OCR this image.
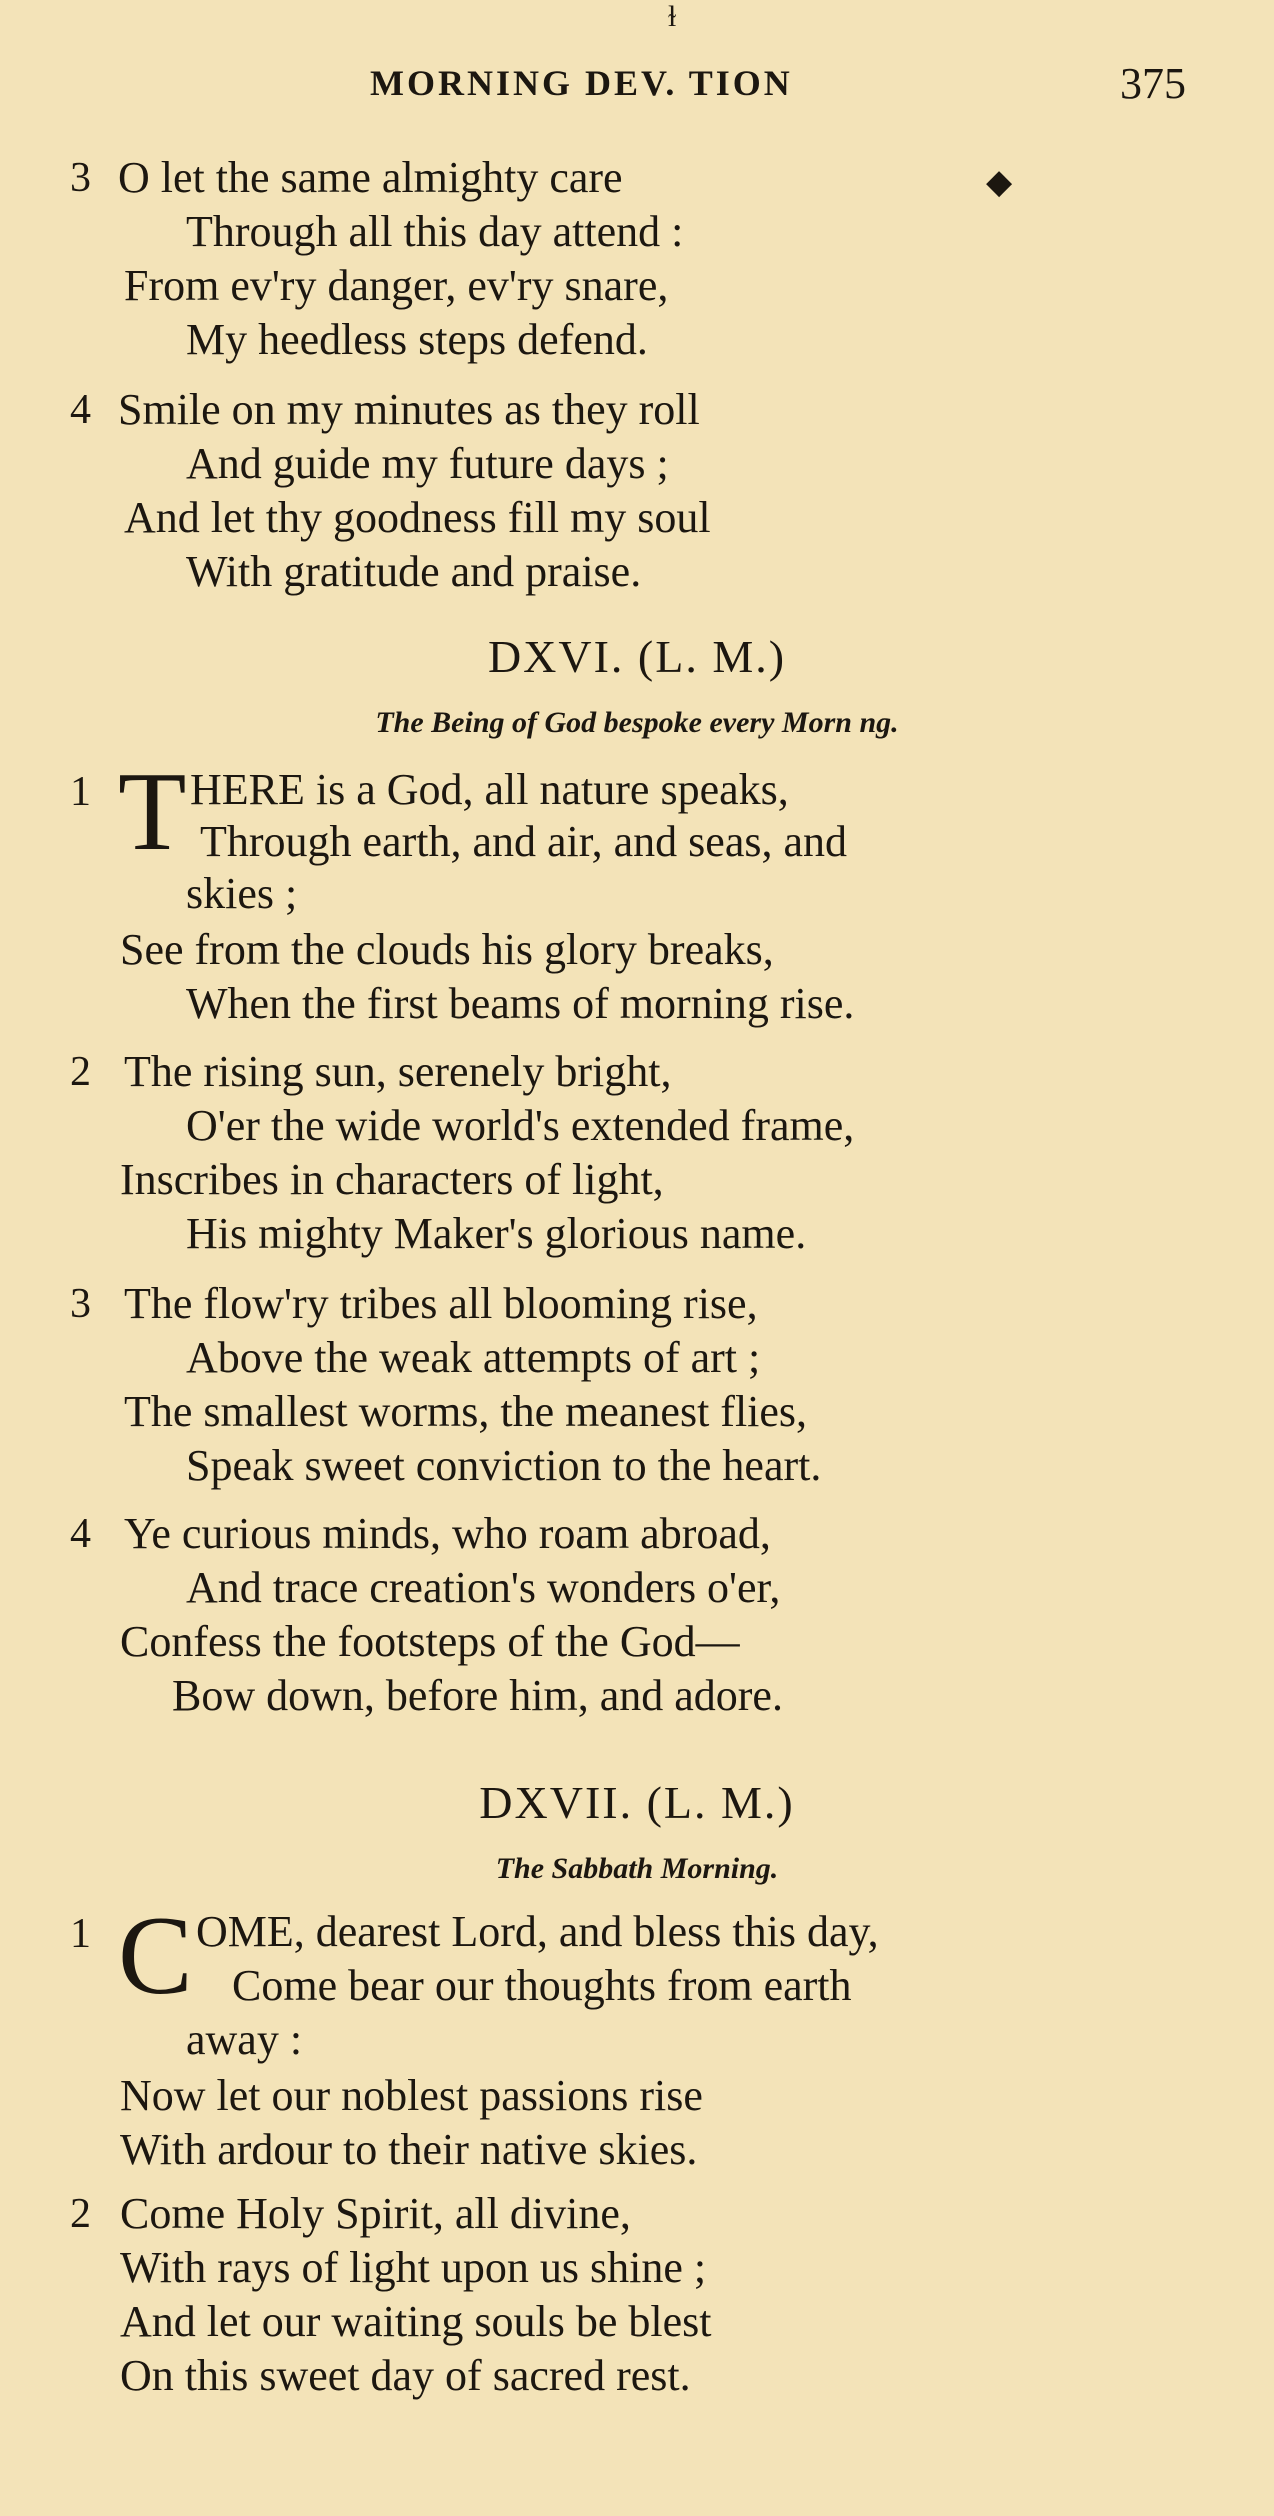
ɫ
MORNING DEV. TION	375
◆
3 O let the same almighty care
Through all this day attend :
From ev'ry danger, ev'ry snare,
My heedless steps defend.
4 Smile on my minutes as they roll
And guide my future days ;
And let thy goodness fill my soul
With gratitude and praise.
DXVI. (L. M.)
The Being of God bespoke every Morn ng.
1 T HERE is a God, all nature speaks,
Through earth, and air, and seas, and
skies ;
See from the clouds his glory breaks,
When the first beams of morning rise.
2 The rising sun, serenely bright,
O'er the wide world's extended frame,
Inscribes in characters of light,
His mighty Maker's glorious name.
3 The flow'ry tribes all blooming rise,
Above the weak attempts of art ;
The smallest worms, the meanest flies,
Speak sweet conviction to the heart.
4 Ye curious minds, who roam abroad,
And trace creation's wonders o'er,
Confess the footsteps of the God—
Bow down, before him, and adore.
DXVII. (L. M.)
The Sabbath Morning.
1 C OME, dearest Lord, and bless this day,
Come bear our thoughts from earth
away :
Now let our noblest passions rise
With ardour to their native skies.
2 Come Holy Spirit, all divine,
With rays of light upon us shine ;
And let our waiting souls be blest
On this sweet day of sacred rest.
